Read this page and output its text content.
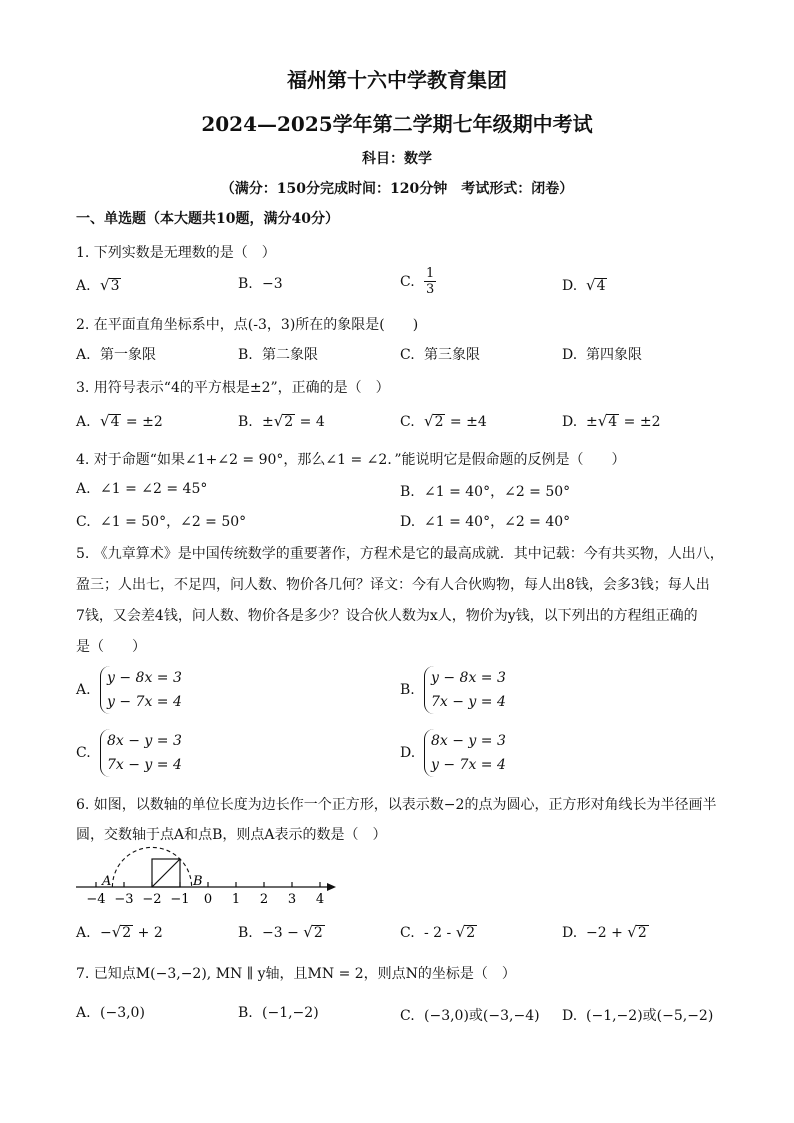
福州第十六中学教育集团
2024—2025学年第二学期七年级期中考试
科目：数学
（满分：150分完成时间：120分钟　考试形式：闭卷）
一、单选题（本大题共10题，满分40分）
1. 下列实数是无理数的是（　）
A. √3	B. −3	C. $\frac{1}{3}$	D. √4
2. 在平面直角坐标系中，点(-3，3)所在的象限是(　　)
A. 第一象限	B. 第二象限	C. 第三象限	D. 第四象限
3. 用符号表示“4的平方根是±2”，正确的是（　）
A. √4 = ±2	B. ±√2 = 4	C. √2 = ±4	D. ±√4 = ±2
4. 对于命题“如果∠1+∠2 = 90°，那么∠1 = ∠2．”能说明它是假命题的反例是（　　）
A. ∠1 = ∠2 = 45°	B. ∠1 = 40°，∠2 = 50°
C. ∠1 = 50°，∠2 = 50°	D. ∠1 = 40°，∠2 = 40°
5. 《九章算术》是中国传统数学的重要著作，方程术是它的最高成就．其中记载：今有共买物，人出八，
盈三；人出七，不足四，问人数、物价各几何？译文：今有人合伙购物，每人出8钱，会多3钱；每人出
7钱，又会差4钱，问人数、物价各是多少？设合伙人数为x人，物价为y钱，以下列出的方程组正确的
是（　　）
A.y − 8x = 3
y − 7x = 4
B.y − 8x = 3
7x − y = 4
C.8x − y = 3
7x − y = 4
D.8x − y = 3
y − 7x = 4
6. 如图，以数轴的单位长度为边长作一个正方形，以表示数−2的点为圆心，正方形对角线长为半径画半
圆，交数轴于点A和点B，则点A表示的数是（　）
−4 −3 −2 −1 0 1 2 3 4
A	B
A. −√2 + 2	B. −3 − √2	C. - 2 - √2	D. −2 + √2
7. 已知点M(−3,−2), MN ∥ y轴，且MN = 2，则点N的坐标是（　）
A. (−3,0)	B. (−1,−2)	C. (−3,0)或(−3,−4) D. (−1,−2)或(−5,−2)
